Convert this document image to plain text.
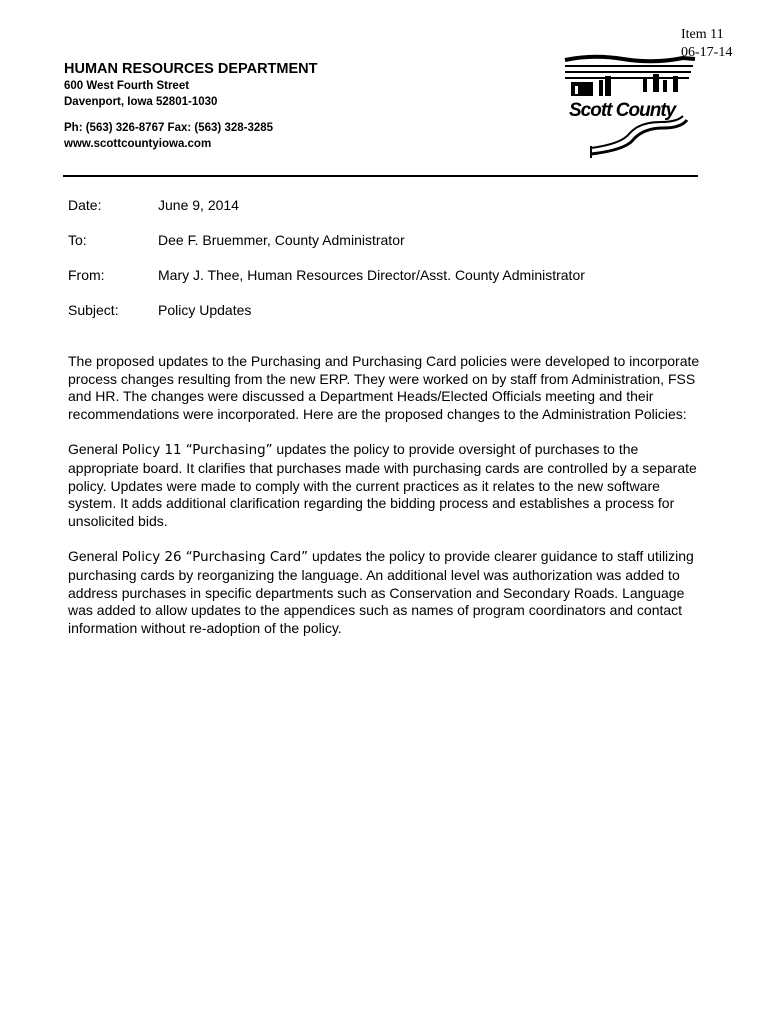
Item 11
06-17-14
HUMAN RESOURCES DEPARTMENT
600 West Fourth Street
Davenport, Iowa 52801-1030
Ph: (563) 326-8767 Fax: (563) 328-3285
www.scottcountyiowa.com
Scott County
Date:	June 9, 2014
To:	Dee F. Bruemmer, County Administrator
From:	Mary J. Thee, Human Resources Director/Asst. County Administrator
Subject:	Policy Updates

The proposed updates to the Purchasing and Purchasing Card policies were developed to incorporate process changes resulting from the new ERP. They were worked on by staff from Administration, FSS and HR. The changes were discussed a Department Heads/Elected Officials meeting and their recommendations were incorporated. Here are the proposed changes to the Administration Policies:

General Policy 11 “Purchasing” updates the policy to provide oversight of purchases to the appropriate board. It clarifies that purchases made with purchasing cards are controlled by a separate policy. Updates were made to comply with the current practices as it relates to the new software system. It adds additional clarification regarding the bidding process and establishes a process for unsolicited bids.

General Policy 26 “Purchasing Card” updates the policy to provide clearer guidance to staff utilizing purchasing cards by reorganizing the language. An additional level was authorization was added to address purchases in specific departments such as Conservation and Secondary Roads. Language was added to allow updates to the appendices such as names of program coordinators and contact information without re-adoption of the policy.
